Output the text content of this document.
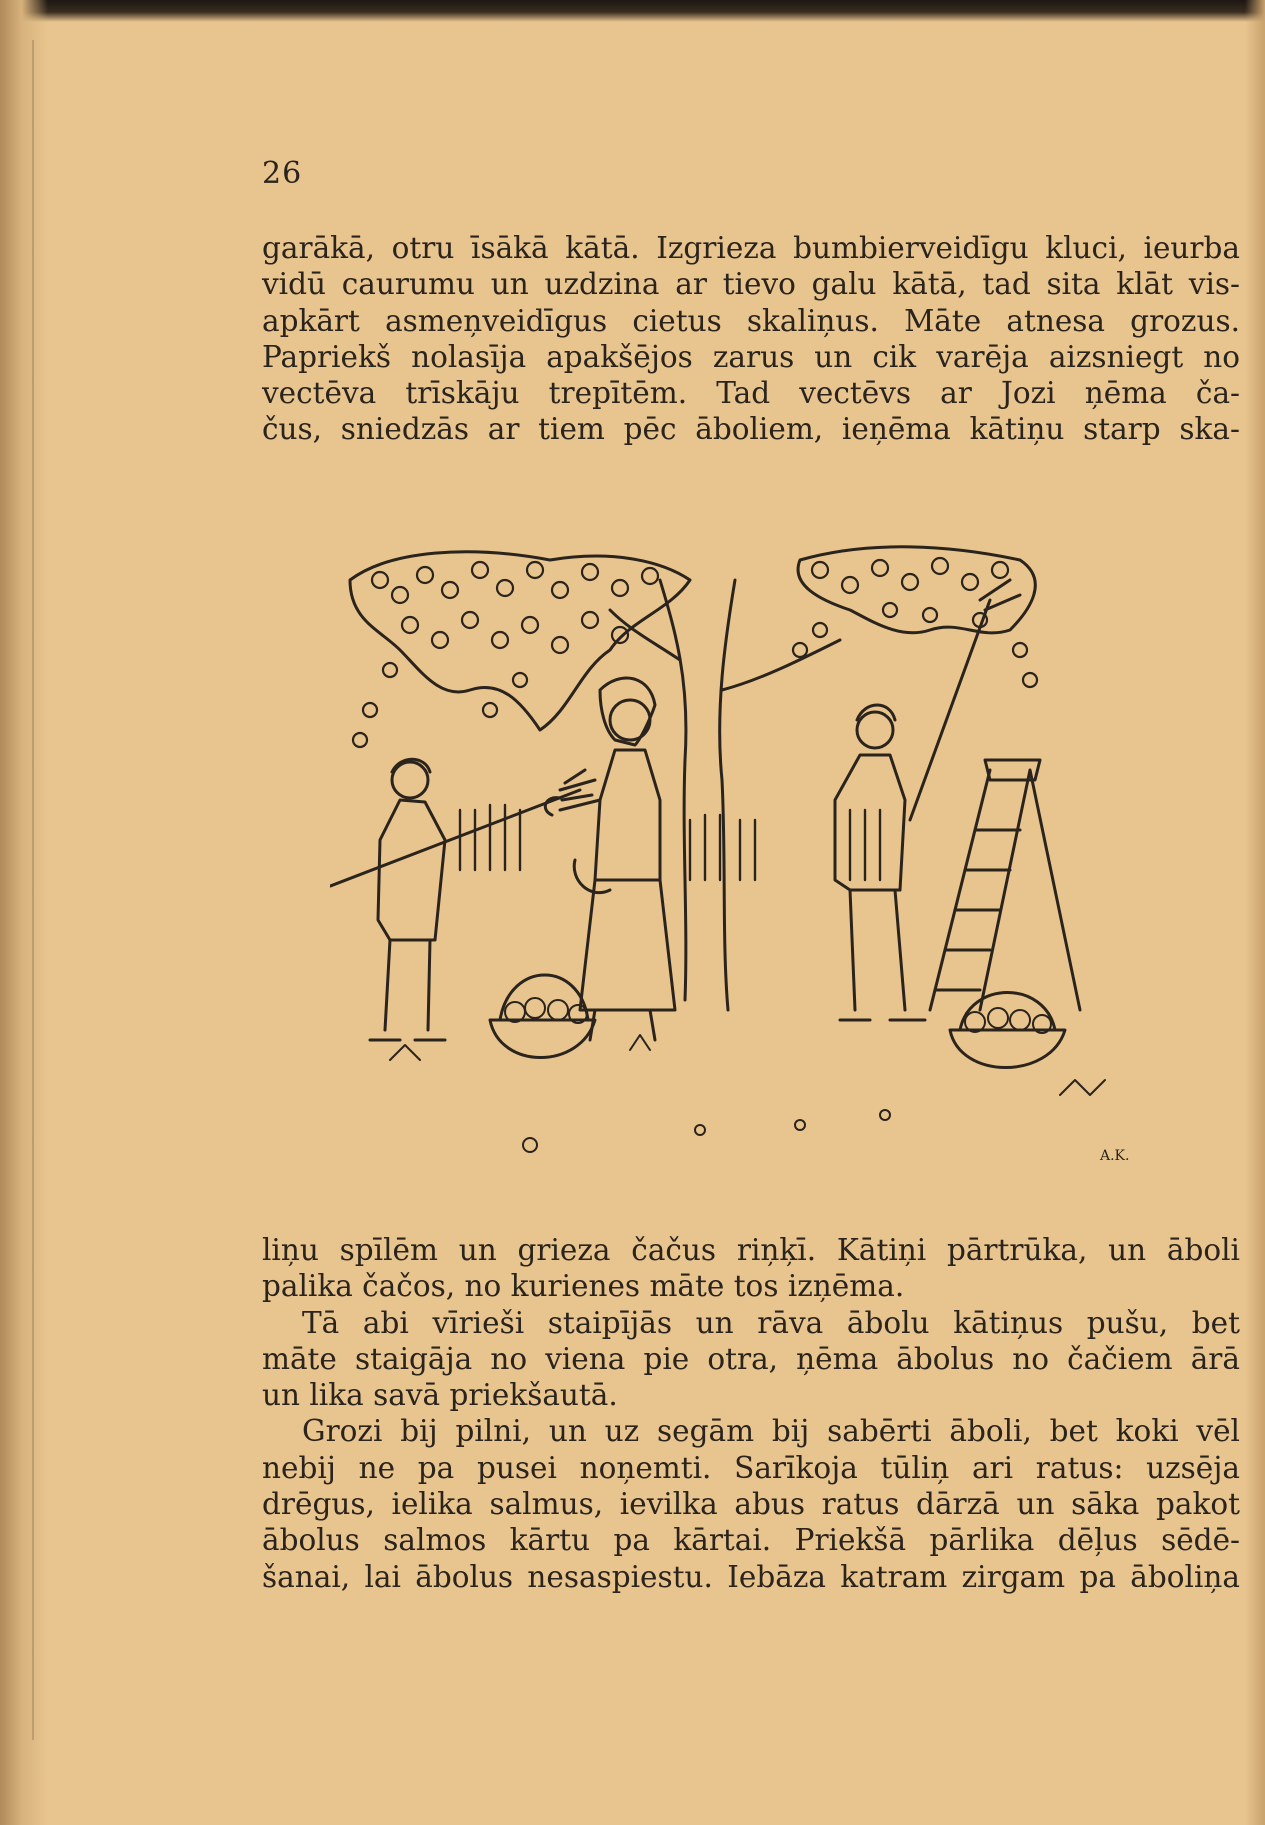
26

garākā, otru īsākā kātā. Izgrieza bumbierveidīgu kluci, ieurba

vidū caurumu un uzdzina ar tievo galu kātā, tad sita klāt vis-

apkārt asmeņveidīgus cietus skaliņus. Māte atnesa grozus.

Papriekš nolasīja apakšējos zarus un cik varēja aizsniegt no

vectēva trīskāju trepītēm. Tad vectēvs ar Jozi ņēma ča-

čus, sniedzās ar tiem pēc āboliem, ieņēma kātiņu starp ska-

A.K.

liņu spīlēm un grieza čačus riņķī. Kātiņi pārtrūka, un āboli

palika čačos, no kurienes māte tos izņēma.

Tā abi vīrieši staipījās un rāva ābolu kātiņus pušu, bet

māte staigāja no viena pie otra, ņēma ābolus no čačiem ārā

un lika savā priekšautā.

Grozi bij pilni, un uz segām bij sabērti āboli, bet koki vēl

nebij ne pa pusei noņemti. Sarīkoja tūliņ ari ratus: uzsēja

drēgus, ielika salmus, ievilka abus ratus dārzā un sāka pakot

ābolus salmos kārtu pa kārtai. Priekšā pārlika dēļus sēdē-

šanai, lai ābolus nesaspiestu. Iebāza katram zirgam pa āboliņa
